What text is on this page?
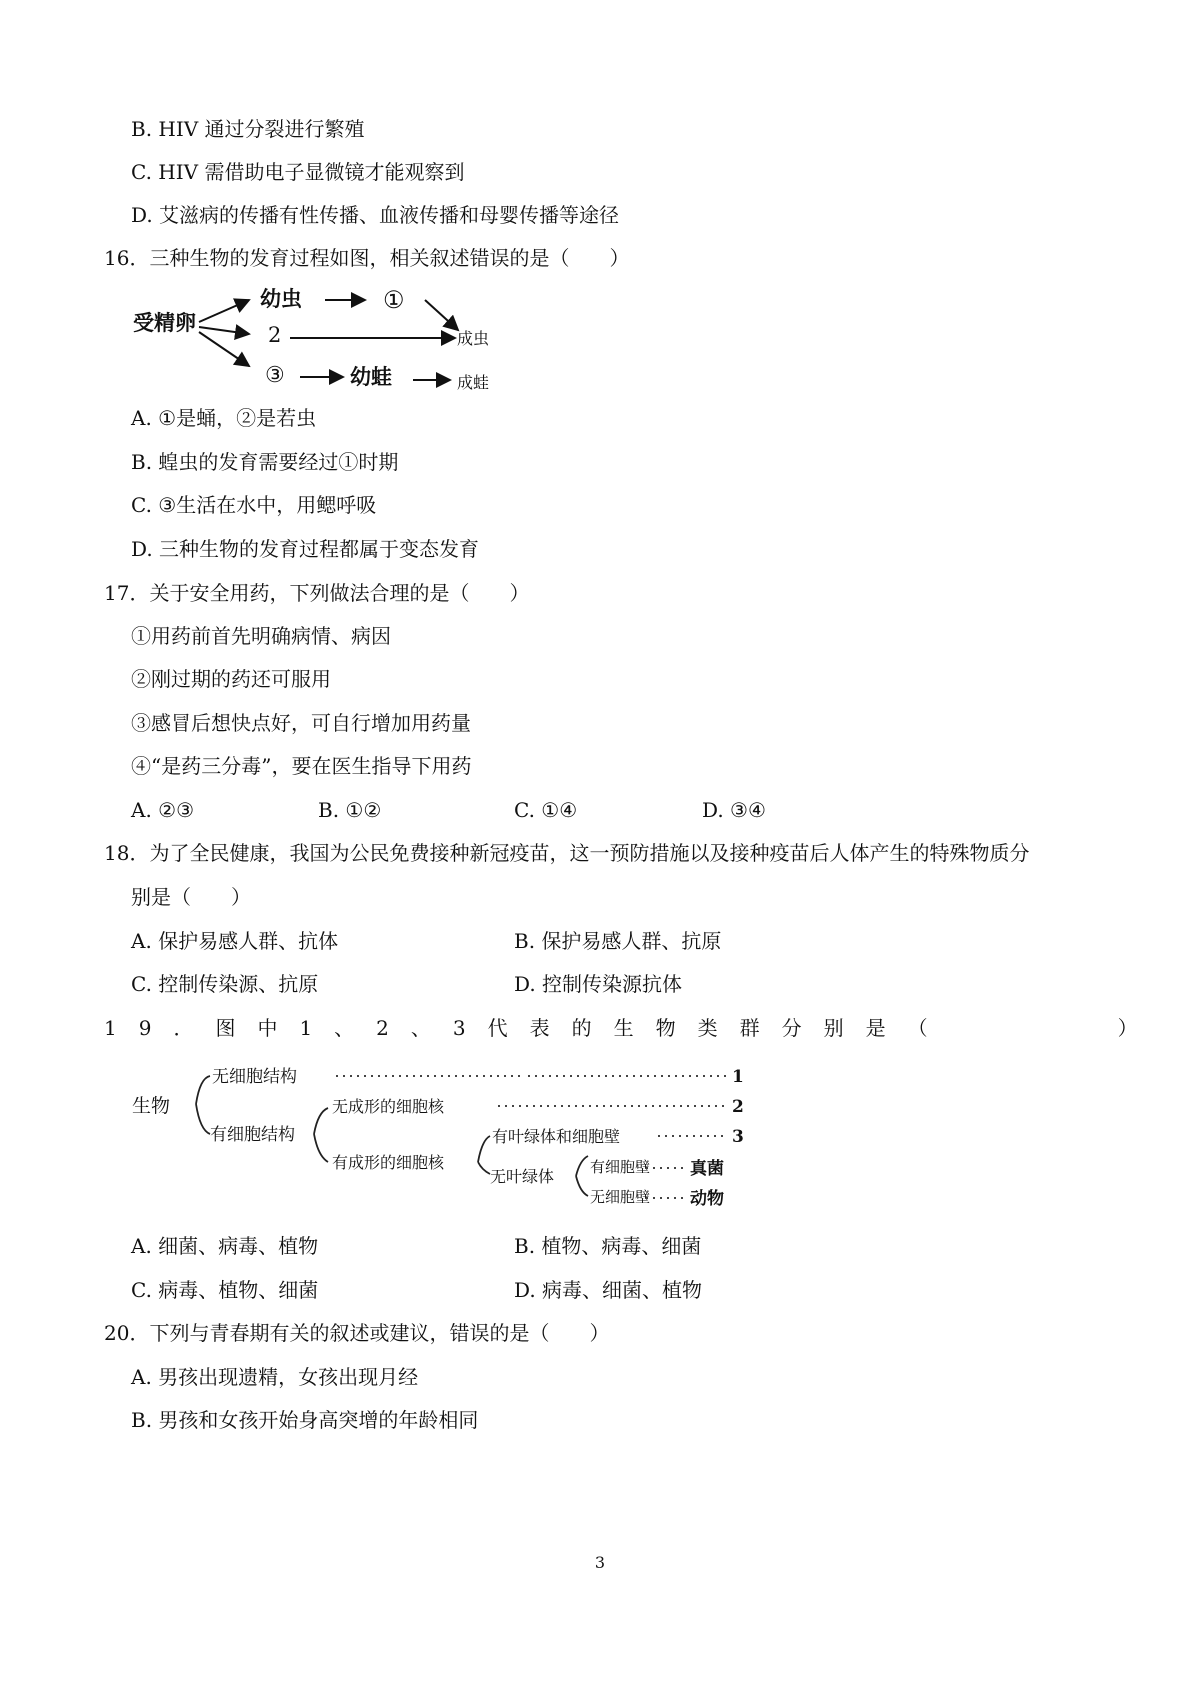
B. HIV 通过分裂进行繁殖
C. HIV 需借助电子显微镜才能观察到
D. 艾滋病的传播有性传播、血液传播和母婴传播等途径
16．三种生物的发育过程如图，相关叙述错误的是（　　）
受精卵
幼虫	①
2	成虫
③	幼蛙	成蛙
A. ①是蛹，②是若虫
B. 蝗虫的发育需要经过①时期
C. ③生活在水中，用鳃呼吸
D. 三种生物的发育过程都属于变态发育
17．关于安全用药，下列做法合理的是（　　）
①用药前首先明确病情、病因
②刚过期的药还可服用
③感冒后想快点好，可自行增加用药量
④“是药三分毒”，要在医生指导下用药
A. ②③	B. ①②	C. ①④	D. ③④
18．为了全民健康，我国为公民免费接种新冠疫苗，这一预防措施以及接种疫苗后人体产生的特殊物质分
别是（　　）
A. 保护易感人群、抗体	B. 保护易感人群、抗原
C. 控制传染源、抗原	D. 控制传染源抗体
19．图中1、2、3代表的生物类群分别是（　　　　）
生物
无细胞结构
有细胞结构
无成形的细胞核
有成形的细胞核
有叶绿体和细胞壁
无叶绿体 有细胞壁 真菌
无细胞壁 动物
1
2
3
A. 细菌、病毒、植物	B. 植物、病毒、细菌
C. 病毒、植物、细菌	D. 病毒、细菌、植物
20．下列与青春期有关的叙述或建议，错误的是（　　）
A. 男孩出现遗精，女孩出现月经
B. 男孩和女孩开始身高突增的年龄相同
3
